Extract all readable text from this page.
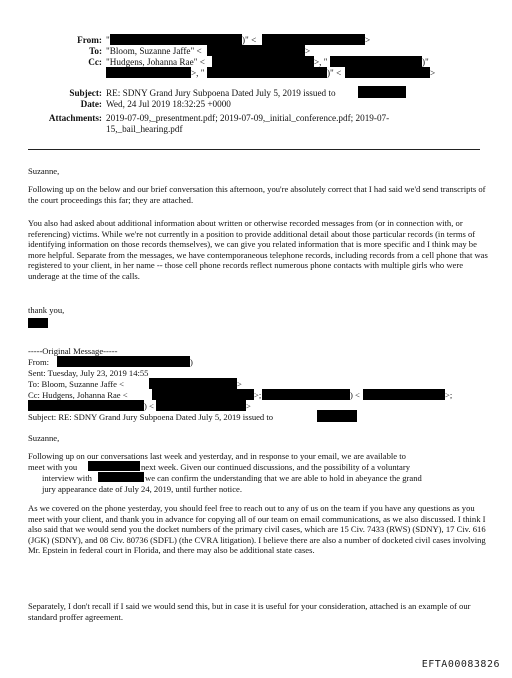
From: "	)" <	>
To: "Bloom, Suzanne Jaffe" <	>
Cc: "Hudgens, Johanna Rae" <	>, "	)"
>, "	)" <	>
Subject: RE: SDNY Grand Jury Subpoena Dated July 5, 2019 issued to
Date: Wed, 24 Jul 2019 18:32:25 +0000
Attachments: 2019-07-09,_presentment.pdf; 2019-07-09,_initial_conference.pdf; 2019-07-
15,_bail_hearing.pdf
Suzanne,
Following up on the below and our brief conversation this afternoon, you're absolutely correct that I had said we'd send transcripts of the court proceedings this far; they are attached.
You also had asked about additional information about written or otherwise recorded messages from (or in connection with, or referencing) victims. While we're not currently in a position to provide additional detail about those particular records (in terms of identifying information on those records themselves), we can give you related information that is more specific and I think may be more helpful. Separate from the messages, we have contemporaneous telephone records, including records from a cell phone that was registered to your client, in her name -- those cell phone records reflect numerous phone contacts with multiple girls who were underage at the time of the calls.
thank you,
-----Original Message-----
From:	)
Sent: Tuesday, July 23, 2019 14:55
To: Bloom, Suzanne Jaffe <	>
Cc: Hudgens, Johanna Rae <	>;	) <	>;
) <	>
Subject: RE: SDNY Grand Jury Subpoena Dated July 5, 2019 issued to
Suzanne,
Following up on our conversations last week and yesterday, and in response to your email, we are available to
meet with you	next week. Given our continued discussions, and the possibility of a voluntary
interview with	we can confirm the understanding that we are able to hold in abeyance the grand
jury appearance date of July 24, 2019, until further notice.
As we covered on the phone yesterday, you should feel free to reach out to any of us on the team if you have any questions as you meet with your client, and thank you in advance for copying all of our team on email communications, as we also discussed. I think I also said that we would send you the docket numbers of the primary civil cases, which are 15 Civ. 7433 (RWS) (SDNY), 17 Civ. 616 (JGK) (SDNY), and 08 Civ. 80736 (SDFL) (the CVRA litigation). I believe there are also a number of docketed civil cases involving Mr. Epstein in federal court in Florida, and there may also be additional state cases.
Separately, I don't recall if I said we would send this, but in case it is useful for your consideration, attached is an example of our standard proffer agreement.
EFTA00083826
